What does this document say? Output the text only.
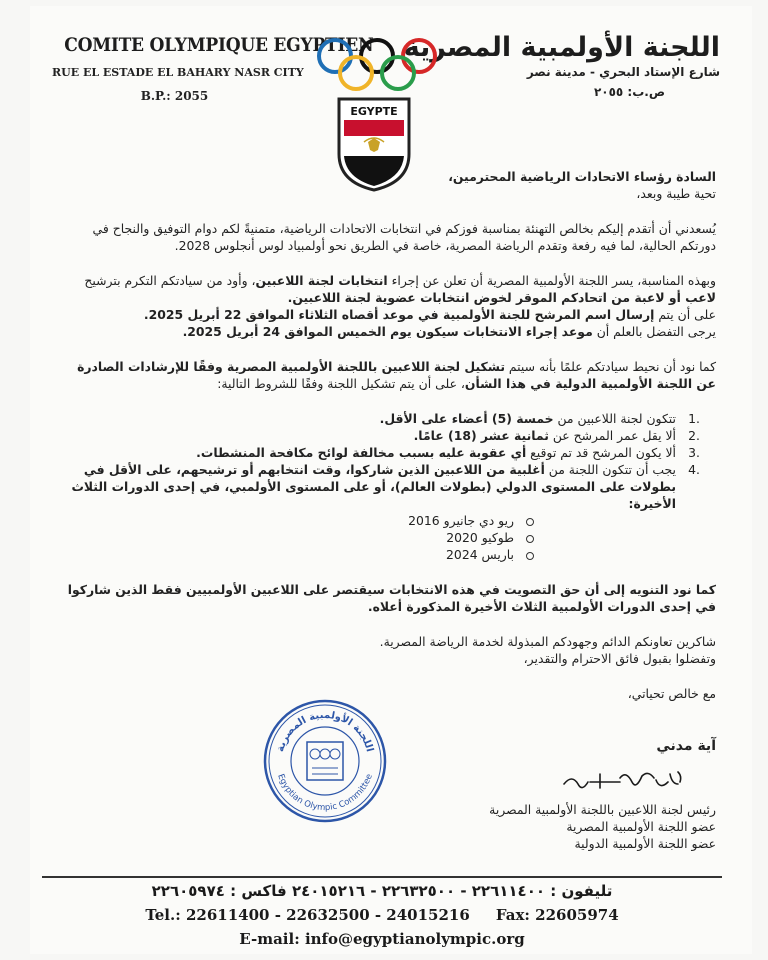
COMITE OLYMPIQUE EGYPTIEN
RUE EL ESTADE EL BAHARY NASR CITY
B.P.: 2055
اللجنة الأولمبية المصرية
شارع الإستاد البحري - مدينة نصر
ص.ب: ٢٠٥٥
EGYPTE

السادة رؤساء الاتحادات الرياضية المحترمين،

تحية طيبة وبعد،

يُسعدني أن أتقدم إليكم بخالص التهنئة بمناسبة فوزكم في انتخابات الاتحادات الرياضية، متمنيةً لكم دوام التوفيق والنجاح في دورتكم الحالية، لما فيه رفعة وتقدم الرياضة المصرية، خاصة في الطريق نحو أولمبياد لوس أنجلوس 2028.

وبهذه المناسبة، يسر اللجنة الأولمبية المصرية أن تعلن عن إجراء انتخابات لجنة اللاعبين، وأود من سيادتكم التكرم بترشيح لاعب أو لاعبة من اتحادكم الموقر لخوض انتخابات عضوية لجنة اللاعبين.

على أن يتم إرسال اسم المرشح للجنة الأولمبية في موعد أقصاه الثلاثاء الموافق 22 أبريل 2025.

يرجى التفضل بالعلم أن موعد إجراء الانتخابات سيكون يوم الخميس الموافق 24 أبريل 2025.

كما نود أن نحيط سيادتكم علمًا بأنه سيتم تشكيل لجنة اللاعبين باللجنة الأولمبية المصرية وفقًا للإرشادات الصادرة عن اللجنة الأولمبية الدولية في هذا الشأن، على أن يتم تشكيل اللجنة وفقًا للشروط التالية:

1.
تتكون لجنة اللاعبين من خمسة (5) أعضاء على الأقل.
2.
ألا يقل عمر المرشح عن ثمانية عشر (18) عامًا.
3.
ألا يكون المرشح قد تم توقيع أي عقوبة عليه بسبب مخالفة لوائح مكافحة المنشطات.
4.
يجب أن تتكون اللجنة من أغلبية من اللاعبين الذين شاركوا، وقت انتخابهم أو ترشيحهم، على الأقل في بطولات على المستوى الدولي (بطولات العالم)، أو على المستوى الأولمبي، في إحدى الدورات الثلاث الأخيرة:
ريو دي جانيرو 2016
طوكيو 2020
باريس 2024

كما نود التنويه إلى أن حق التصويت في هذه الانتخابات سيقتصر على اللاعبين الأولمبيين فقط الذين شاركوا في إحدى الدورات الأولمبية الثلاث الأخيرة المذكورة أعلاه.

شاكرين تعاونكم الدائم وجهودكم المبذولة لخدمة الرياضة المصرية.

وتفضلوا بقبول فائق الاحترام والتقدير،

مع خالص تحياتي،

اللجنة الأولمبية المصرية
Egyptian Olympic Committee

آية مدني

رئيس لجنة اللاعبين باللجنة الأولمبية المصرية

عضو اللجنة الأولمبية المصرية

عضو اللجنة الأولمبية الدولية

تليفون : ٢٢٦١١٤٠٠ - ٢٢٦٣٢٥٠٠ - ٢٤٠١٥٢١٦ فاكس : ٢٢٦٠٥٩٧٤
Tel.: 22611400 - 22632500 - 24015216     Fax: 22605974
E-mail: info@egyptianolympic.org
